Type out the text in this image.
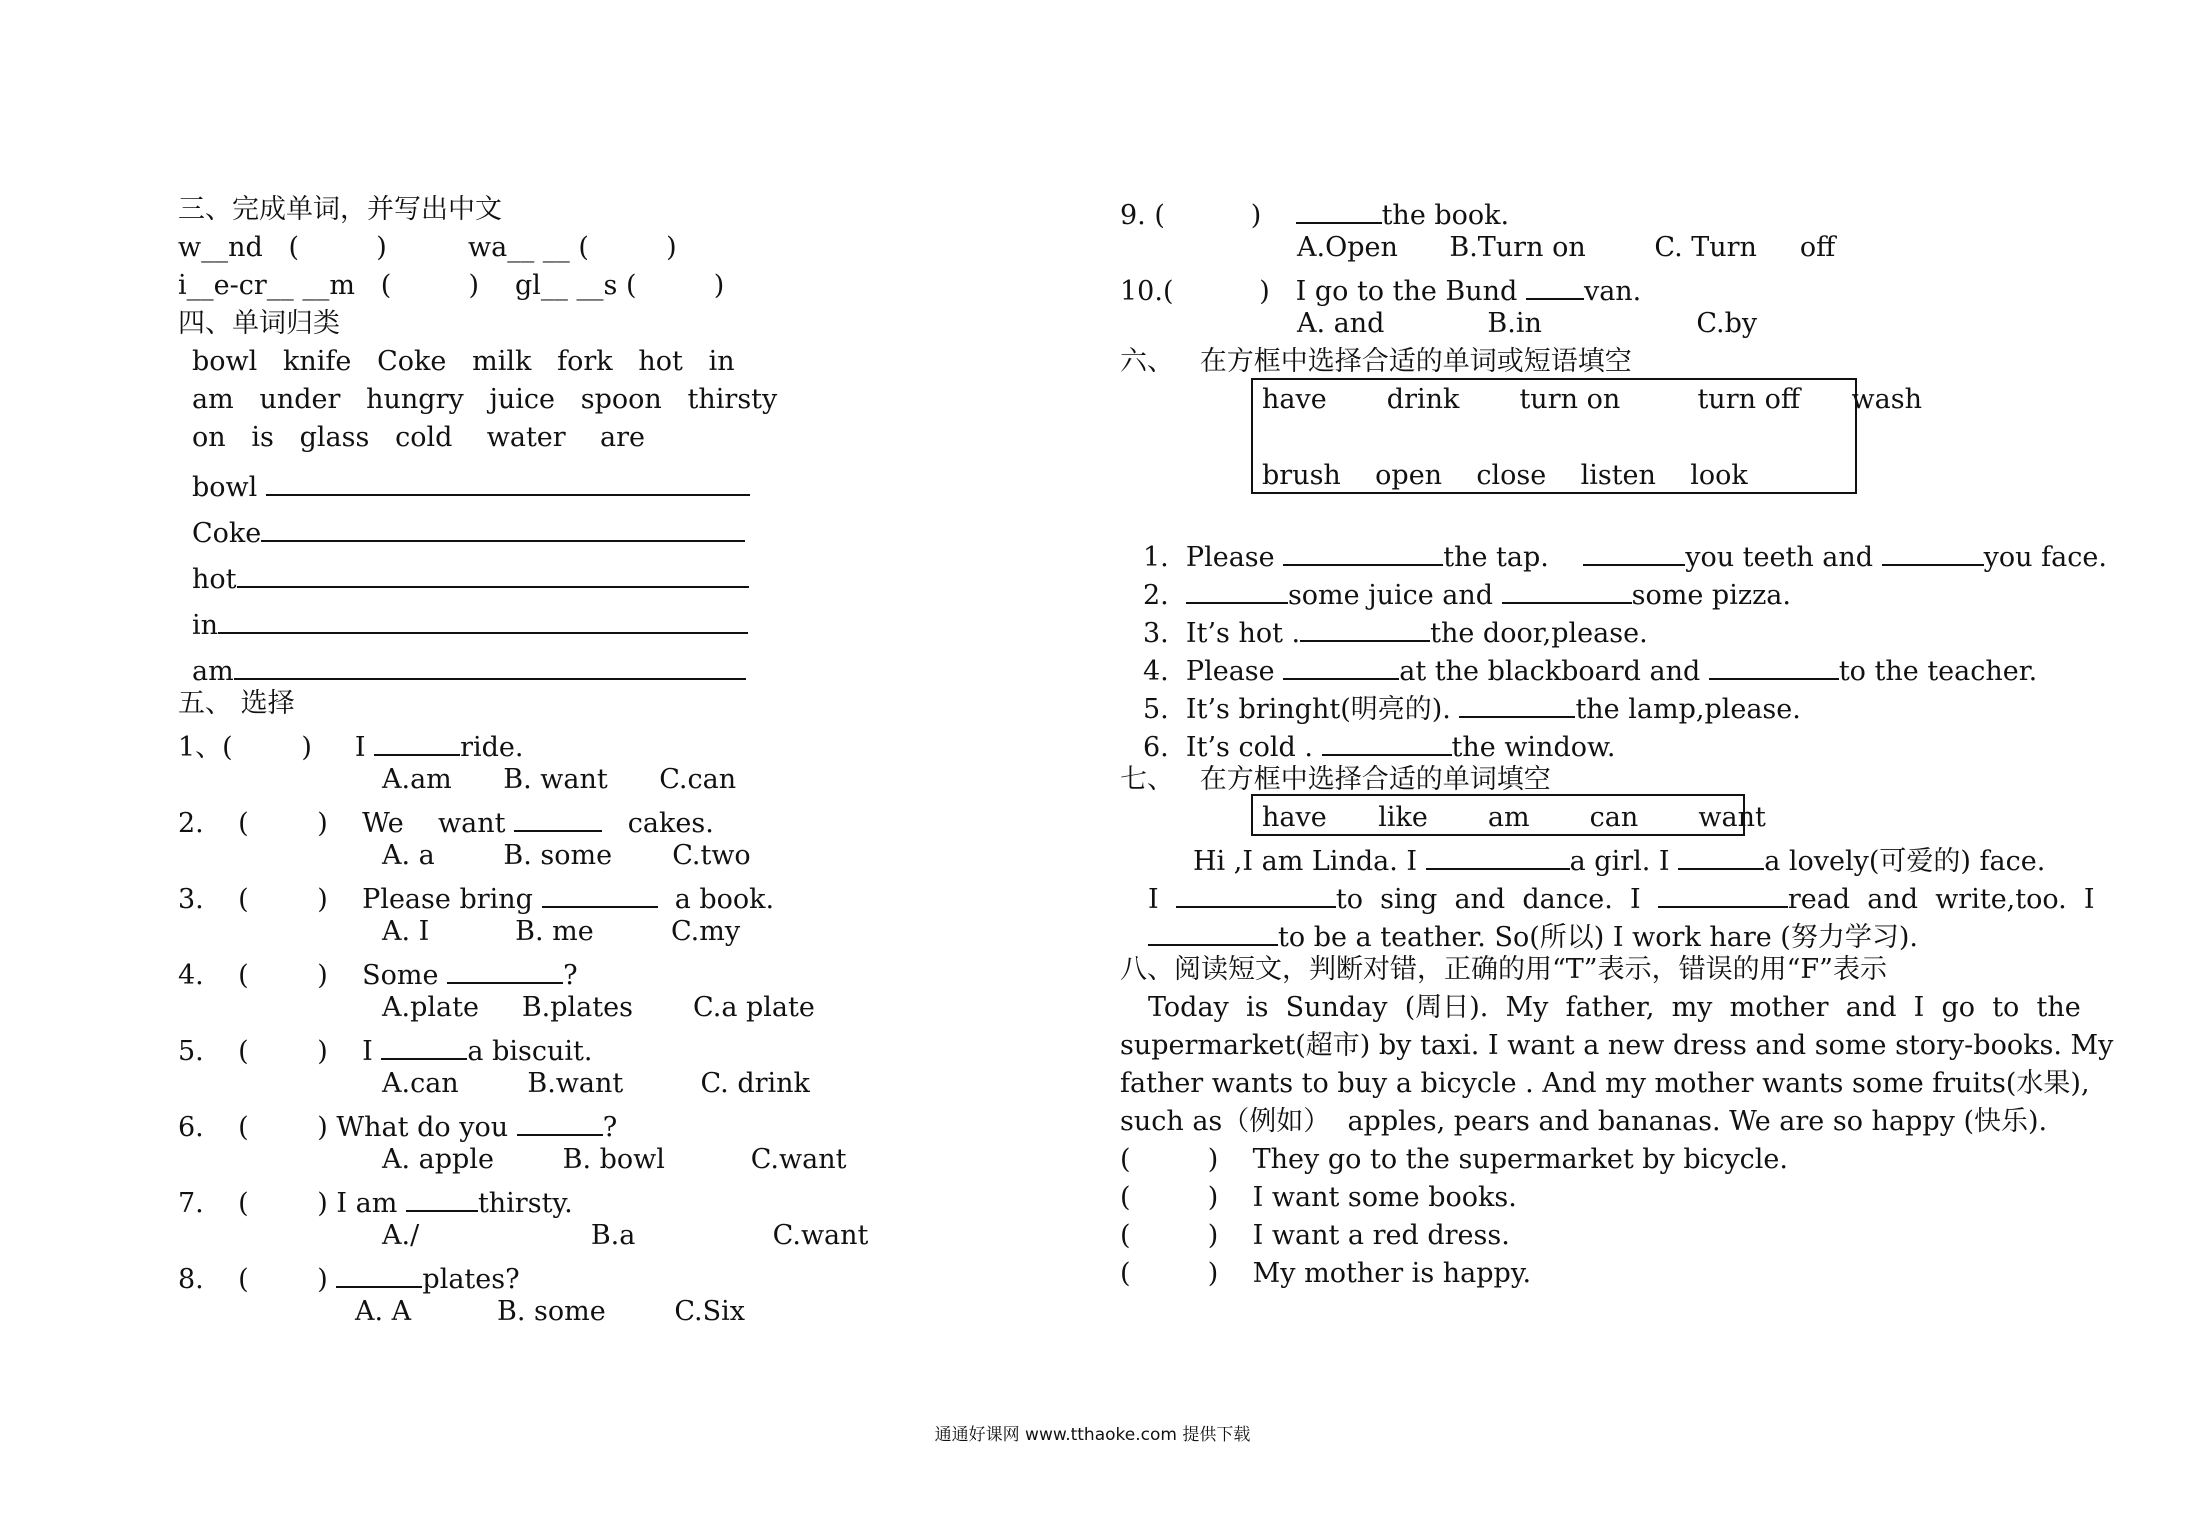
三、完成单词，并写出中文
w__nd   (         )	wa__ __ (         )
i__e-cr__ __m   (         ) gl__ __s (         )
四、单词归类
bowl   knife   Coke   milk   fork   hot   in
am   under   hungry   juice   spoon   thirsty
on   is   glass   cold    water    are
bowl
Coke
hot
in
am
五、 选择
1、(        )     I	ride.
A.am      B. want      C.can
2.    (        )    We    want	cakes.
A. a        B. some       C.two
3.    (        )    Please bring	a book.
A. I          B. me         C.my
4.    (        )    Some	?
A.plate     B.plates       C.a plate
5.    (        )    I	a biscuit.
A.can        B.want         C. drink
6.    (        ) What do you	?
A. apple        B. bowl          C.want
7.    (        ) I am	thirsty.
A./                    B.a                C.want
8.    (        )	plates?
A. A          B. some        C.Six
9. (          )	the book.
A.Open      B.Turn on        C. Turn     off
10.(          )   I go to the Bund van.
A. and            B.in                  C.by
六、   在方框中选择合适的单词或短语填空
have       drink       turn on         turn off      wash
brush    open    close    listen    look
1.  Please	the tap.	you teeth and	you face.
2.	some juice and	some pizza.
3.  It’s hot .	the door,please.
4.  Please	at the blackboard and	to the teacher.
5.  It’s bringht(明亮的).	the lamp,please.
6.  It’s cold .	the window.
七、   在方框中选择合适的单词填空
have      like       am       can       want
Hi ,I am Linda. I	a girl. I	a lovely(可爱的) face.
I	to  sing  and  dance.  I	read  and  write,too.  I
to be a teather. So(所以) I work hare (努力学习).
八、阅读短文，判断对错，正确的用“T”表示，错误的用“F”表示
Today  is  Sunday  (周日).  My  father,  my  mother  and  I  go  to  the
supermarket(超市) by taxi. I want a new dress and some story-books. My
father wants to buy a bicycle . And my mother wants some fruits(水果),
such as（例如）  apples, pears and bananas. We are so happy (快乐).
(         )    They go to the supermarket by bicycle.
(         )    I want some books.
(         )    I want a red dress.
(         )    My mother is happy.
通通好课网 www.tthaoke.com 提供下载
